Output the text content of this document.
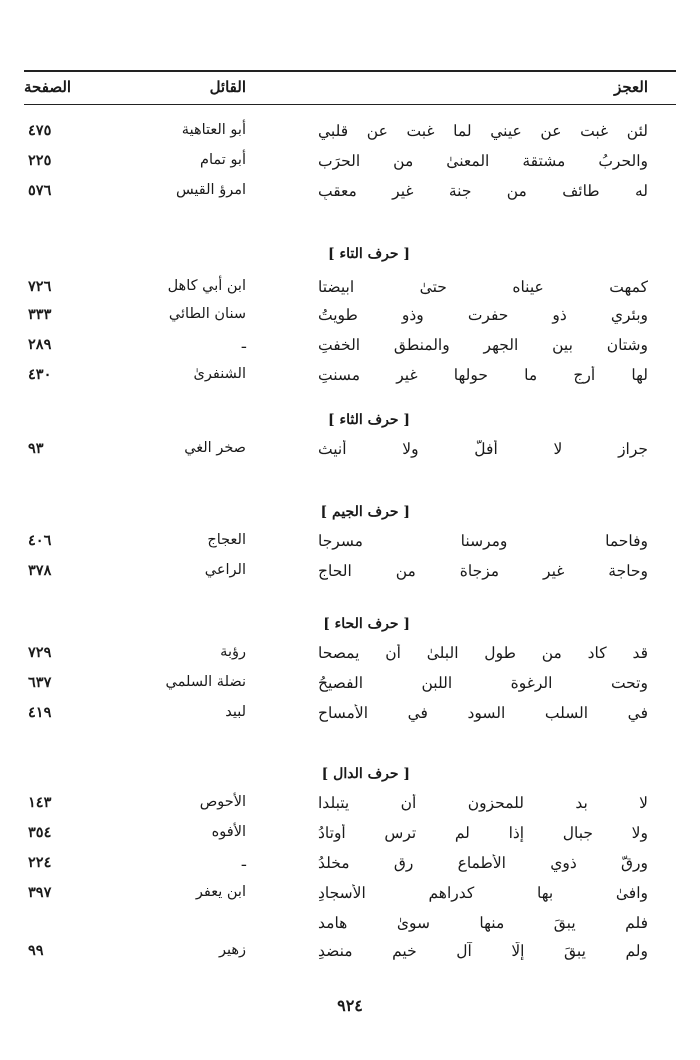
العجز
القائل
الصفحة
لئن غبت عن عيني لما غبت عن قلبي
أبو العتاهية
٤٧٥
والحربُ مشتقة المعنىٰ من الحرَب
أبو تمام
٢٢٥
له طائف من جنة غير معقبِ
امرؤ القيس
٥٧٦
[ حرف التاء ]
كمهت عيناه حتىٰ ابيضتا
ابن أبي كاهل
٧٢٦
وبئري ذو حفرت وذو طويتُ
سنان الطائي
٣٣٣
وشتان بين الجهر والمنطق الخفتِ
ـ
٢٨٩
لها أرج ما حولها غير مسنتِ
الشنفرىٰ
٤٣٠
[ حرف الثاء ]
جراز لا أفلُّ ولا أنيث
صخر الغي
٩٣
[ حرف الجيم ]
وفاحما ومرسنا مسرجا
العجاج
٤٠٦
وحاجة غير مزجاة من الحاج
الراعي
٣٧٨
[ حرف الحاء ]
قد كاد من طول البلىٰ أن يمصحا
رؤبة
٧٢٩
وتحت الرغوة اللبن الفصيحُ
نضلة السلمي
٦٣٧
في السلب السود في الأمساحِ
لبيد
٤١٩
[ حرف الدال ]
لا بد للمحزون أن يتبلدا
الأحوص
١٤٣
ولا جبال إذا لم ترس أوتادُ
الأفوه
٣٥٤
ورقّ ذوي الأطماع رق مخلدُ
ـ
٢٢٤
وافىٰ بها كدراهم الأسجادِ
ابن يعفر
٣٩٧
فلم يبقَ منها سوىٰ هامد
ولم يبقَ إلّا آل خيم منضدِ
زهير
٩٩
٩٢٤
